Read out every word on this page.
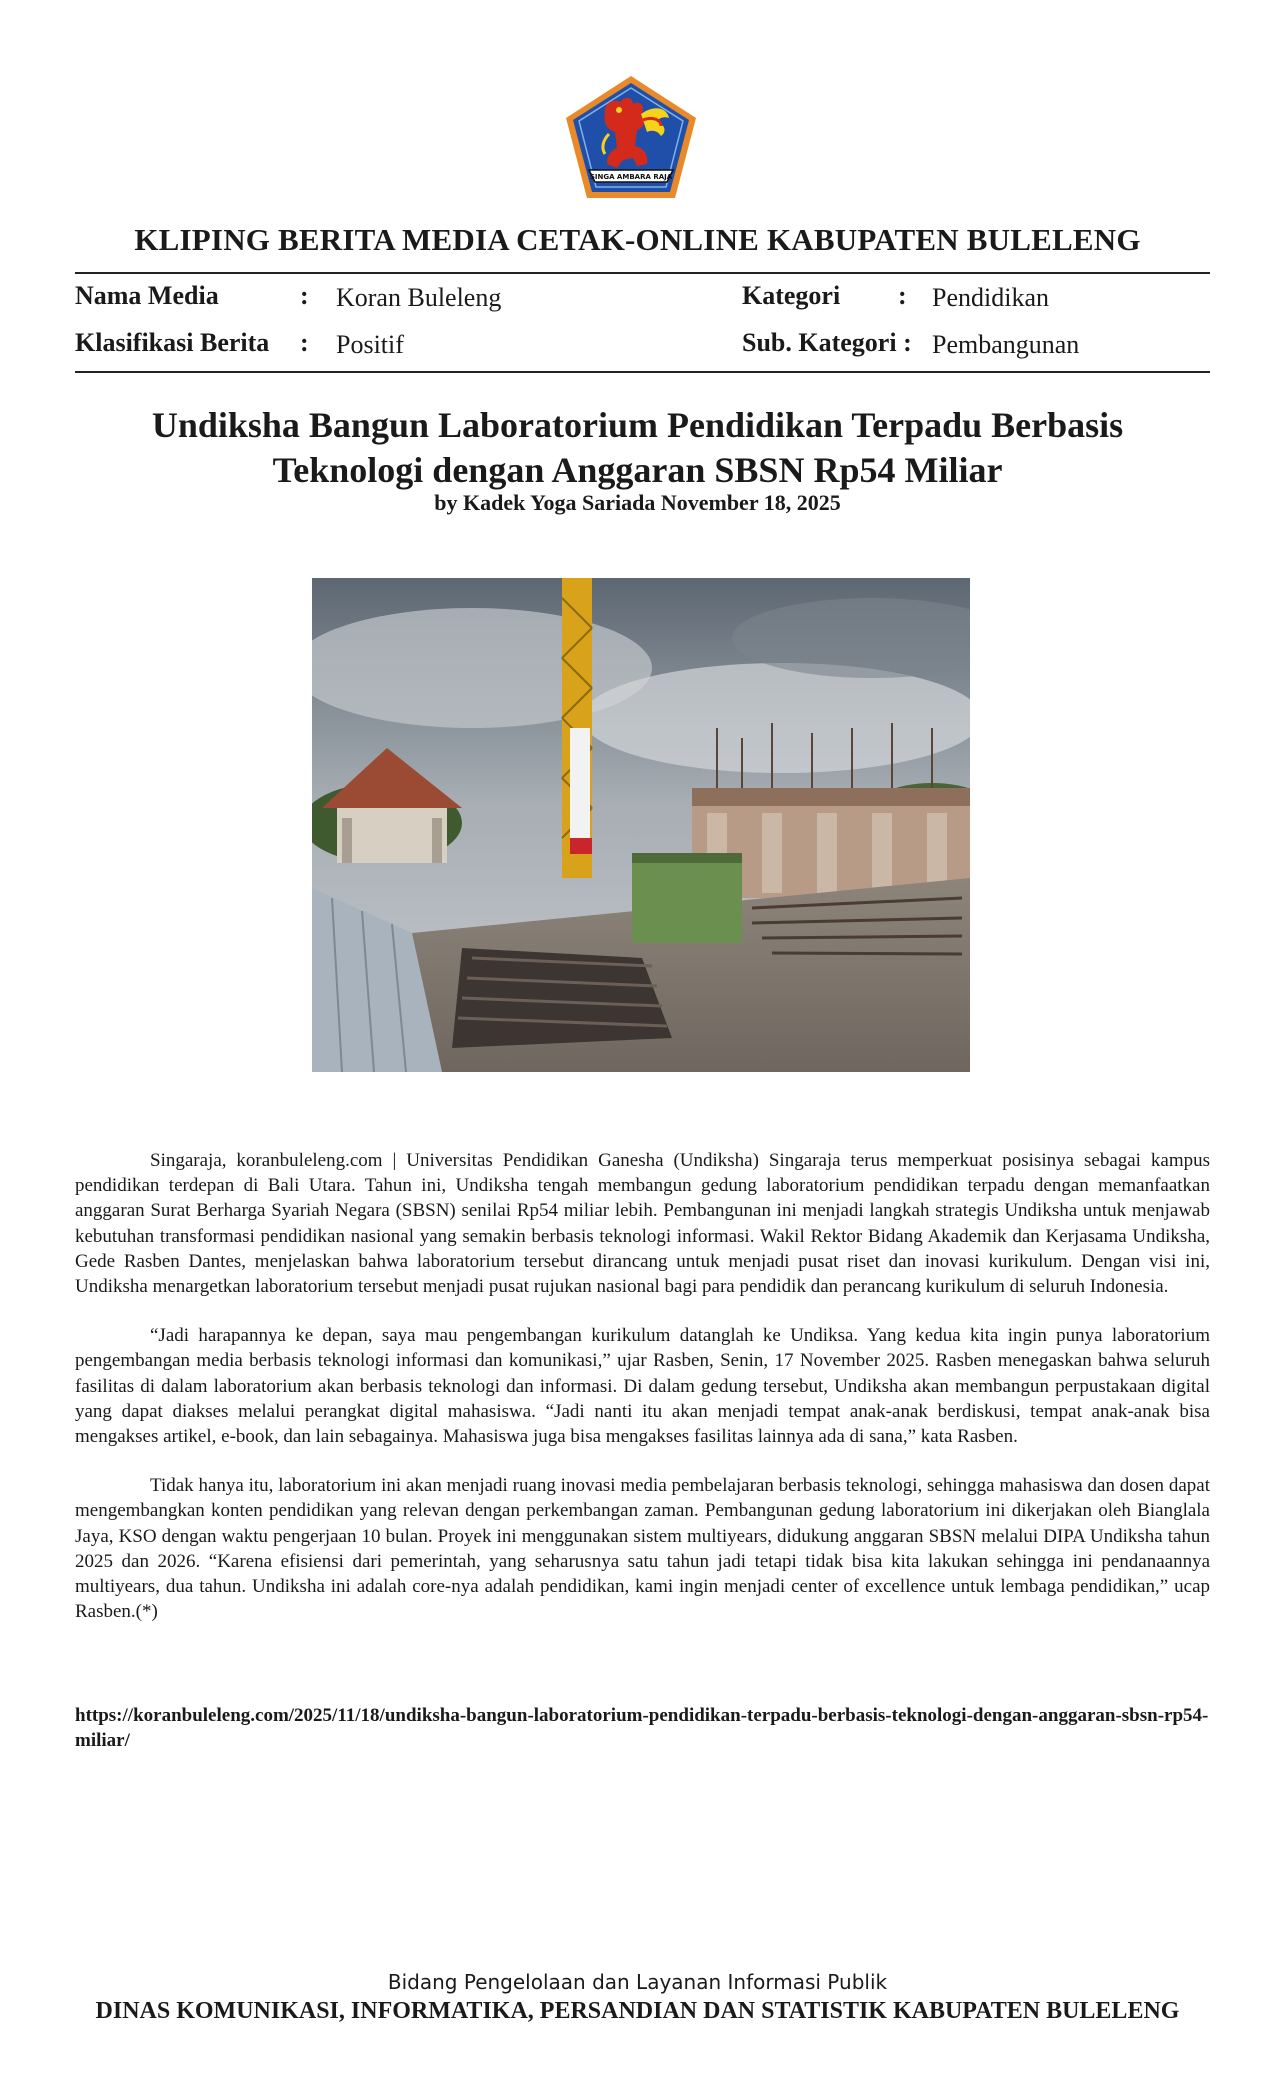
SINGA AMBARA RAJA
KLIPING BERITA MEDIA CETAK-ONLINE KABUPATEN BULELENG
Nama Media	: Koran Buleleng
Klasifikasi Berita : Positif
Kategori : Pendidikan
Sub. Kategori : Pembangunan
Undiksha Bangun Laboratorium Pendidikan Terpadu Berbasis
Teknologi dengan Anggaran SBSN Rp54 Miliar
by Kadek Yoga Sariada November 18, 2025

Singaraja, koranbuleleng.com | Universitas Pendidikan Ganesha (Undiksha) Singaraja terus memperkuat posisinya sebagai kampus pendidikan terdepan di Bali Utara. Tahun ini, Undiksha tengah membangun gedung laboratorium pendidikan terpadu dengan memanfaatkan anggaran Surat Berharga Syariah Negara (SBSN) senilai Rp54 miliar lebih. Pembangunan ini menjadi langkah strategis Undiksha untuk menjawab kebutuhan transformasi pendidikan nasional yang semakin berbasis teknologi informasi. Wakil Rektor Bidang Akademik dan Kerjasama Undiksha, Gede Rasben Dantes, menjelaskan bahwa laboratorium tersebut dirancang untuk menjadi pusat riset dan inovasi kurikulum. Dengan visi ini, Undiksha menargetkan laboratorium tersebut menjadi pusat rujukan nasional bagi para pendidik dan perancang kurikulum di seluruh Indonesia.

“Jadi harapannya ke depan, saya mau pengembangan kurikulum datanglah ke Undiksa. Yang kedua kita ingin punya laboratorium pengembangan media berbasis teknologi informasi dan komunikasi,” ujar Rasben, Senin, 17 November 2025. Rasben menegaskan bahwa seluruh fasilitas di dalam laboratorium akan berbasis teknologi dan informasi. Di dalam gedung tersebut, Undiksha akan membangun perpustakaan digital yang dapat diakses melalui perangkat digital mahasiswa. “Jadi nanti itu akan menjadi tempat anak-anak berdiskusi, tempat anak-anak bisa mengakses artikel, e-book, dan lain sebagainya. Mahasiswa juga bisa mengakses fasilitas lainnya ada di sana,” kata Rasben.

Tidak hanya itu, laboratorium ini akan menjadi ruang inovasi media pembelajaran berbasis teknologi, sehingga mahasiswa dan dosen dapat mengembangkan konten pendidikan yang relevan dengan perkembangan zaman. Pembangunan gedung laboratorium ini dikerjakan oleh Bianglala Jaya, KSO dengan waktu pengerjaan 10 bulan. Proyek ini menggunakan sistem multiyears, didukung anggaran SBSN melalui DIPA Undiksha tahun 2025 dan 2026. “Karena efisiensi dari pemerintah, yang seharusnya satu tahun jadi tetapi tidak bisa kita lakukan sehingga ini pendanaannya multiyears, dua tahun. Undiksha ini adalah core-nya adalah pendidikan, kami ingin menjadi center of excellence untuk lembaga pendidikan,” ucap Rasben.(*)

https://koranbuleleng.com/2025/11/18/undiksha-bangun-laboratorium-pendidikan-terpadu-berbasis-teknologi-dengan-anggaran-sbsn-rp54-miliar/
Bidang Pengelolaan dan Layanan Informasi Publik
DINAS KOMUNIKASI, INFORMATIKA, PERSANDIAN DAN STATISTIK KABUPATEN BULELENG
